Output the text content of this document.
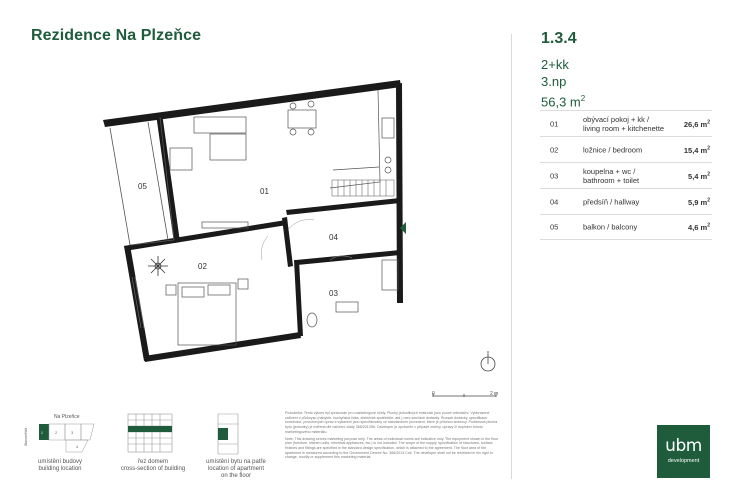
Rezidence Na Plzeňce	1.3.4
2+kk
3.np
56,3 $m^2$
01	obývací pokoj + kk /
living room + kitchenette	26,6 $m^2$
02	ložnice / bedroom	15,4 $m^2$
03	koupelna + wc /
bathroom + toilet	5,4 $m^2$
04	předsíň / hallway	5,9 $m^2$
05	balkon / balcony	4,6 $m^2$
05
01
04
02
03
0	2 m
Na Plzeňce
Staroměšťá	1	2	3
4
umístění budovy
building location
řez domem
cross-section of building
umístění bytu na patře
location of apartment
on the floor

Poznámka: Tento výkres byl zpracován pro marketingové účely. Plochy jednotlivých místností jsou pouze orientační. Vyobrazené zařízení v půdorysu (nábytek, kuchyňská linka, elektrické spotřebiče, atd.) není součástí dodávky. Rozsah dodávky, specifikace konstrukcí, povrchových úprav a vybavení jsou specifikovány ve standardním provedení, které je přílohou smlouvy. Podlahová plocha bytu (jednotky) je měřena dle nařízení vlády 366/2013Sb. Developer je oprávněn v případě změny, úpravy či doplnění tohoto marketingového materiálu.

Note: This drawing serves marketing purpose only. The areas of individual rooms are indicative only. The equipment shown in the floor plan (furniture, kitchen units, electrical appliances, etc.) is not included. The scope of the supply, specification of structures, surface finishes and fittings are specified in the standard design specification, which is attached to the agreement. The floor area of the apartment is measured according to the Government Decree No. 366/2013 Coll. The developer shall not be restricted in his right to change, modify or supplement this marketing material.

ubm
development
